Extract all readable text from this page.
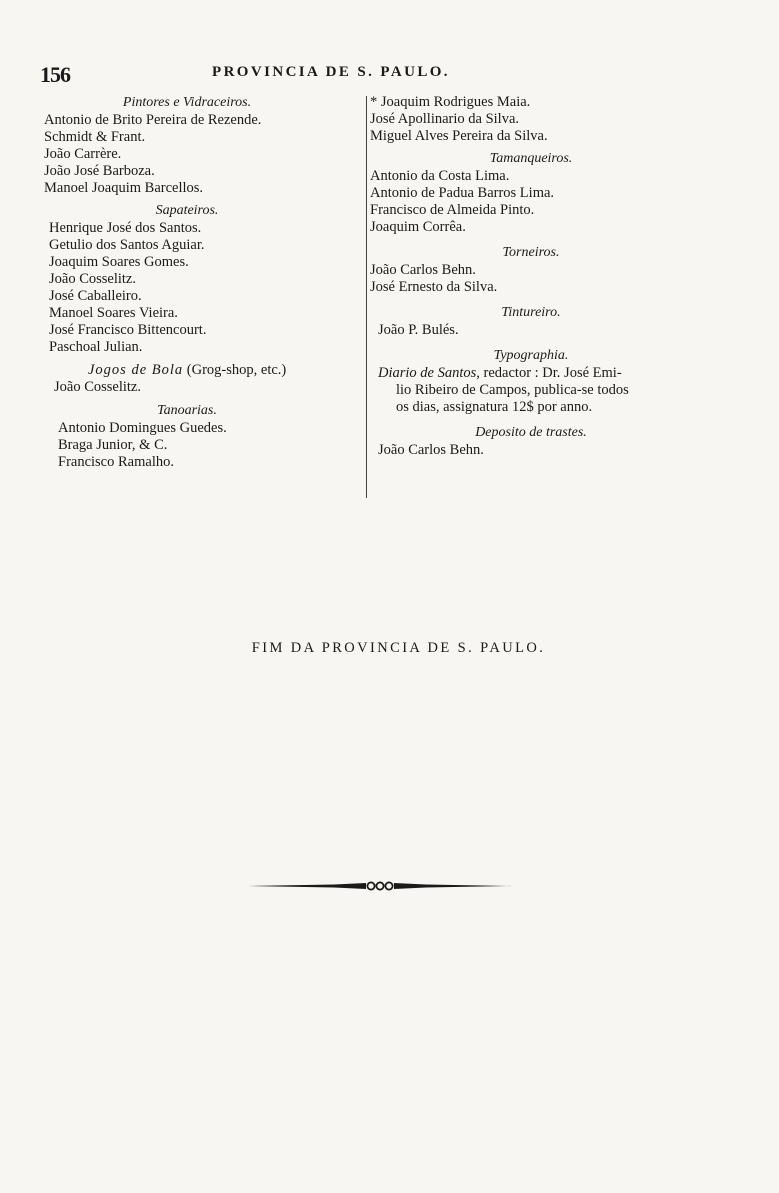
156	PROVINCIA DE S. PAULO.
Pintores e Vidraceiros.
Antonio de Brito Pereira de Rezende.
Schmidt & Frant.
João Carrère.
João José Barboza.
Manoel Joaquim Barcellos.
Sapateiros.
Henrique José dos Santos.
Getulio dos Santos Aguiar.
Joaquim Soares Gomes.
João Cosselitz.
José Caballeiro.
Manoel Soares Vieira.
José Francisco Bittencourt.
Paschoal Julian.
Jogos de Bola (Grog-shop, etc.)
João Cosselitz.
Tanoarias.
Antonio Domingues Guedes.
Braga Junior, & C.
Francisco Ramalho.
* Joaquim Rodrigues Maia.
José Apollinario da Silva.
Miguel Alves Pereira da Silva.
Tamanqueiros.
Antonio da Costa Lima.
Antonio de Padua Barros Lima.
Francisco de Almeida Pinto.
Joaquim Corrêa.
Torneiros.
João Carlos Behn.
José Ernesto da Silva.
Tintureiro.
João P. Bulés.
Typographia.
Diario de Santos, redactor : Dr. José Emi-
lio Ribeiro de Campos, publica-se todos
os dias, assignatura 12$ por anno.
Deposito de trastes.
João Carlos Behn.
FIM DA PROVINCIA DE S. PAULO.
